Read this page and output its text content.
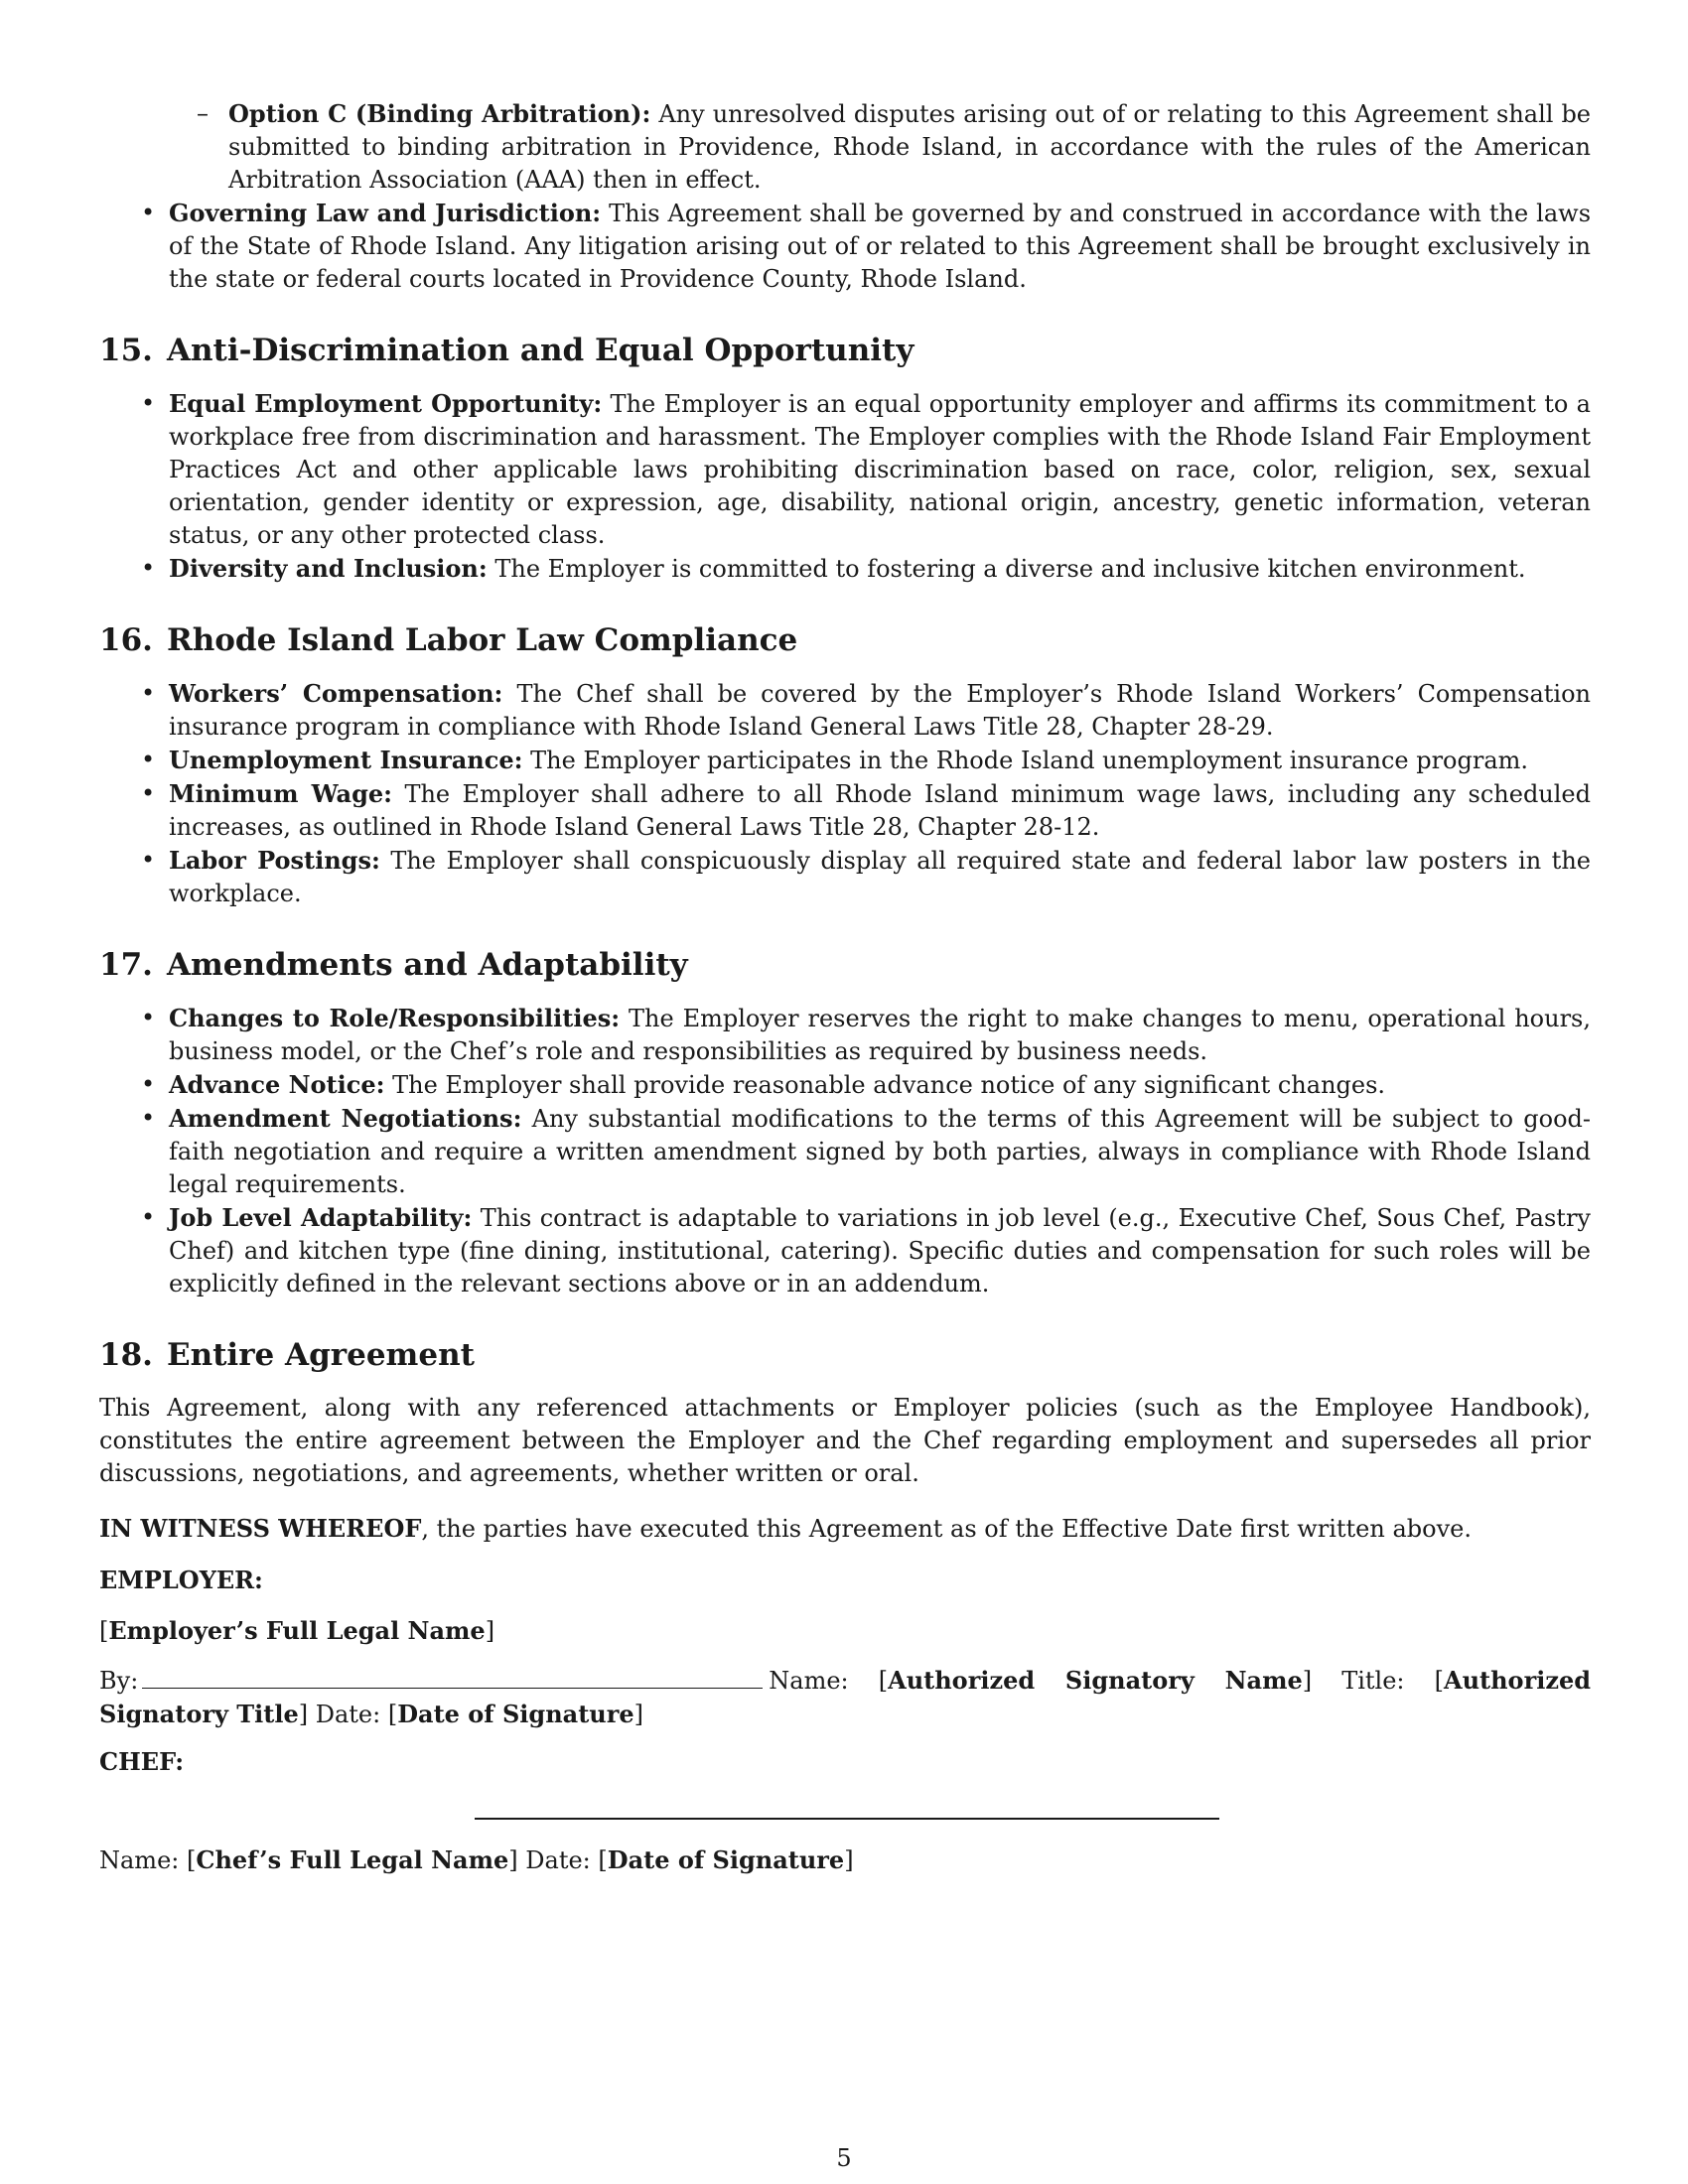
– Option C (Binding Arbitration): Any unresolved disputes arising out of or relating to this Agreement shall be submitted to binding arbitration in Providence, Rhode Island, in accordance with the rules of the American Arbitration Association (AAA) then in effect.
• Governing Law and Jurisdiction: This Agreement shall be governed by and construed in accordance with the laws of the State of Rhode Island. Any litigation arising out of or related to this Agreement shall be brought exclusively in the state or federal courts located in Providence County, Rhode Island.
15. Anti-Discrimination and Equal Opportunity
• Equal Employment Opportunity: The Employer is an equal opportunity employer and affirms its commitment to a workplace free from discrimination and harassment. The Employer complies with the Rhode Island Fair Employment Practices Act and other applicable laws prohibiting discrimination based on race, color, religion, sex, sexual orientation, gender identity or expression, age, disability, national origin, ancestry, genetic information, veteran status, or any other protected class.
• Diversity and Inclusion: The Employer is committed to fostering a diverse and inclusive kitchen environment.
16. Rhode Island Labor Law Compliance
• Workers’ Compensation: The Chef shall be covered by the Employer’s Rhode Island Workers’ Compensation insurance program in compliance with Rhode Island General Laws Title 28, Chapter 28-29.
• Unemployment Insurance: The Employer participates in the Rhode Island unemployment insurance program.
• Minimum Wage: The Employer shall adhere to all Rhode Island minimum wage laws, including any scheduled increases, as outlined in Rhode Island General Laws Title 28, Chapter 28-12.
• Labor Postings: The Employer shall conspicuously display all required state and federal labor law posters in the workplace.
17. Amendments and Adaptability
• Changes to Role/Responsibilities: The Employer reserves the right to make changes to menu, operational hours, business model, or the Chef’s role and responsibilities as required by business needs.
• Advance Notice: The Employer shall provide reasonable advance notice of any significant changes.
• Amendment Negotiations: Any substantial modifications to the terms of this Agreement will be subject to good-faith negotiation and require a written amendment signed by both parties, always in compliance with Rhode Island legal requirements.
• Job Level Adaptability: This contract is adaptable to variations in job level (e.g., Executive Chef, Sous Chef, Pastry Chef) and kitchen type (fine dining, institutional, catering). Specific duties and compensation for such roles will be explicitly defined in the relevant sections above or in an addendum.
18. Entire Agreement

This Agreement, along with any referenced attachments or Employer policies (such as the Employee Handbook), constitutes the entire agreement between the Employer and the Chef regarding employment and supersedes all prior discussions, negotiations, and agreements, whether written or oral.

IN WITNESS WHEREOF, the parties have executed this Agreement as of the Effective Date first written above.

EMPLOYER:

[Employer’s Full Legal Name]

By:	Name: [Authorized Signatory Name] Title: [Authorized Signatory Title] Date: [Date of Signature]

CHEF:

Name: [Chef’s Full Legal Name] Date: [Date of Signature]

5
